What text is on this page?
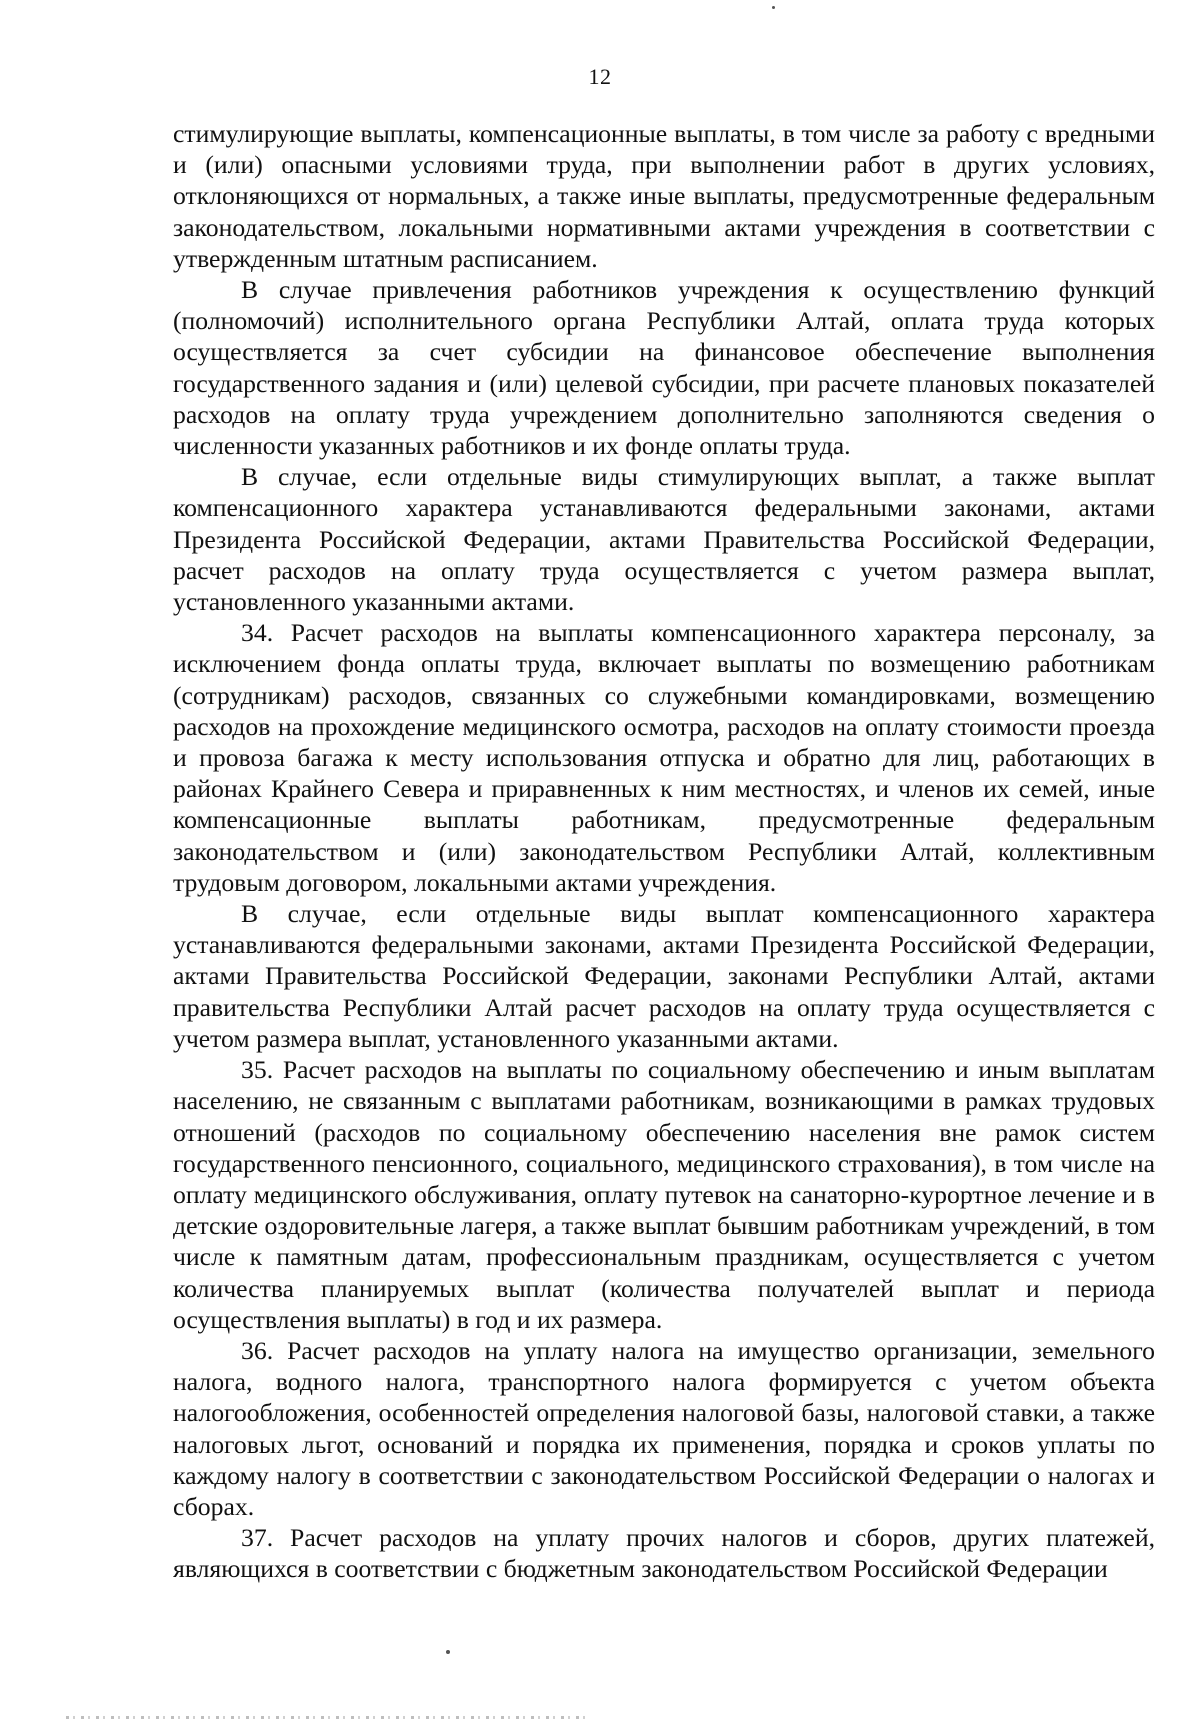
12

стимулирующие выплаты, компенсационные выплаты, в том числе за работу с вредными и (или) опасными условиями труда, при выполнении работ в других условиях, отклоняющихся от нормальных, а также иные выплаты, предусмотренные федеральным законодательством, локальными нормативными актами учреждения в соответствии с утвержденным штатным расписанием.

В случае привлечения работников учреждения к осуществлению функций (полномочий) исполнительного органа Республики Алтай, оплата труда которых осуществляется за счет субсидии на финансовое обеспечение выполнения государственного задания и (или) целевой субсидии, при расчете плановых показателей расходов на оплату труда учреждением дополнительно заполняются сведения о численности указанных работников и их фонде оплаты труда.

В случае, если отдельные виды стимулирующих выплат, а также выплат компенсационного характера устанавливаются федеральными законами, актами Президента Российской Федерации, актами Правительства Российской Федерации, расчет расходов на оплату труда осуществляется с учетом размера выплат, установленного указанными актами.

34. Расчет расходов на выплаты компенсационного характера персоналу, за исключением фонда оплаты труда, включает выплаты по возмещению работникам (сотрудникам) расходов, связанных со служебными командировками, возмещению расходов на прохождение медицинского осмотра, расходов на оплату стоимости проезда и провоза багажа к месту использования отпуска и обратно для лиц, работающих в районах Крайнего Севера и приравненных к ним местностях, и членов их семей, иные компенсационные выплаты работникам, предусмотренные федеральным законодательством и (или) законодательством Республики Алтай, коллективным трудовым договором, локальными актами учреждения.

В случае, если отдельные виды выплат компенсационного характера устанавливаются федеральными законами, актами Президента Российской Федерации, актами Правительства Российской Федерации, законами Республики Алтай, актами правительства Республики Алтай расчет расходов на оплату труда осуществляется с учетом размера выплат, установленного указанными актами.

35. Расчет расходов на выплаты по социальному обеспечению и иным выплатам населению, не связанным с выплатами работникам, возникающими в рамках трудовых отношений (расходов по социальному обеспечению населения вне рамок систем государственного пенсионного, социального, медицинского страхования), в том числе на оплату медицинского обслуживания, оплату путевок на санаторно-курортное лечение и в детские оздоровительные лагеря, а также выплат бывшим работникам учреждений, в том числе к памятным датам, профессиональным праздникам, осуществляется с учетом количества планируемых выплат (количества получателей выплат и периода осуществления выплаты) в год и их размера.

36. Расчет расходов на уплату налога на имущество организации, земельного налога, водного налога, транспортного налога формируется с учетом объекта налогообложения, особенностей определения налоговой базы, налоговой ставки, а также налоговых льгот, оснований и порядка их применения, порядка и сроков уплаты по каждому налогу в соответствии с законодательством Российской Федерации о налогах и сборах.

37. Расчет расходов на уплату прочих налогов и сборов, других платежей, являющихся в соответствии с бюджетным законодательством Российской Федерации
